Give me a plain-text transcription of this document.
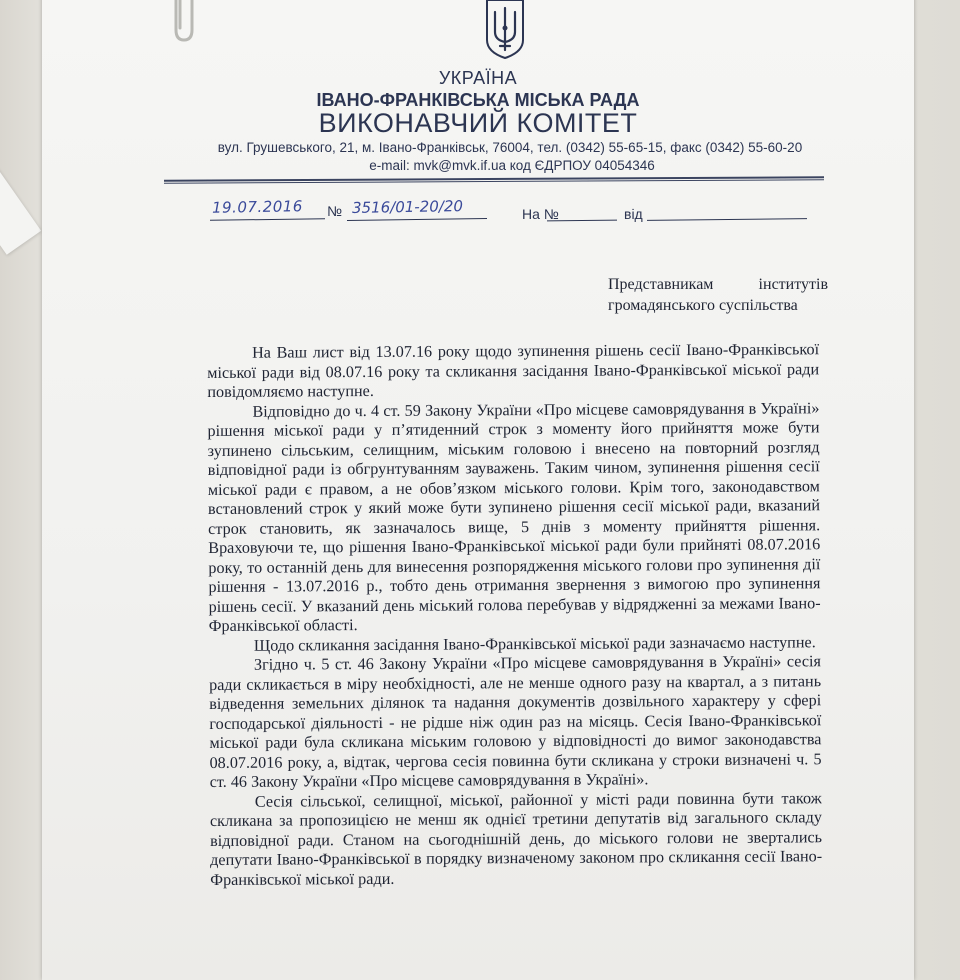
УКРАЇНА
ІВАНО-ФРАНКІВСЬКА МІСЬКА РАДА
ВИКОНАВЧИЙ КОМІТЕТ
вул. Грушевського, 21, м. Івано-Франківськ, 76004, тел. (0342) 55-65-15, факс (0342) 55-60-20
e-mail: mvk@mvk.if.ua код ЄДРПОУ 04054346
19.07.2016 № 3516/01-20/20	На №	від
Представникам інститутів громадянського суспільства

На Ваш лист від 13.07.16 року щодо зупинення рішень сесії Івано-Франківської міської ради від 08.07.16 року та скликання засідання Івано-Франківської міської ради повідомляємо наступне.

Відповідно до ч. 4 ст. 59 Закону України «Про місцеве самоврядування в Україні» рішення міської ради у п’ятиденний строк з моменту його прийняття може бути зупинено сільським, селищним, міським головою і внесено на повторний розгляд відповідної ради із обгрунтуванням зауважень. Таким чином, зупинення рішення сесії міської ради є правом, а не обов’язком міського голови. Крім того, законодавством встановлений строк у який може бути зупинено рішення сесії міської ради, вказаний строк становить, як зазначалось вище, 5 днів з моменту прийняття рішення. Враховуючи те, що рішення Івано-Франківської міської ради були прийняті 08.07.2016 року, то останній день для винесення розпорядження міського голови про зупинення дії рішення - 13.07.2016 р., тобто день отримання звернення з вимогою про зупинення рішень сесії. У вказаний день міський голова перебував у відрядженні за межами Івано-Франківської області.

Щодо скликання засідання Івано-Франківської міської ради зазначаємо наступне.

Згідно ч. 5 ст. 46 Закону України «Про місцеве самоврядування в Україні» сесія ради скликається в міру необхідності, але не менше одного разу на квартал, а з питань відведення земельних ділянок та надання документів дозвільного характеру у сфері господарської діяльності - не рідше ніж один раз на місяць. Сесія Івано-Франківської міської ради була скликана міським головою у відповідності до вимог законодавства 08.07.2016 року, а, відтак, чергова сесія повинна бути скликана у строки визначені ч. 5 ст. 46 Закону України «Про місцеве самоврядування в Україні».

Сесія сільської, селищної, міської, районної у місті ради повинна бути також скликана за пропозицією не менш як однієї третини депутатів від загального складу відповідної ради. Станом на сьогоднішній день, до міського голови не звертались депутати Івано-Франківської в порядку визначеному законом про скликання сесії Івано-Франківської міської ради.
